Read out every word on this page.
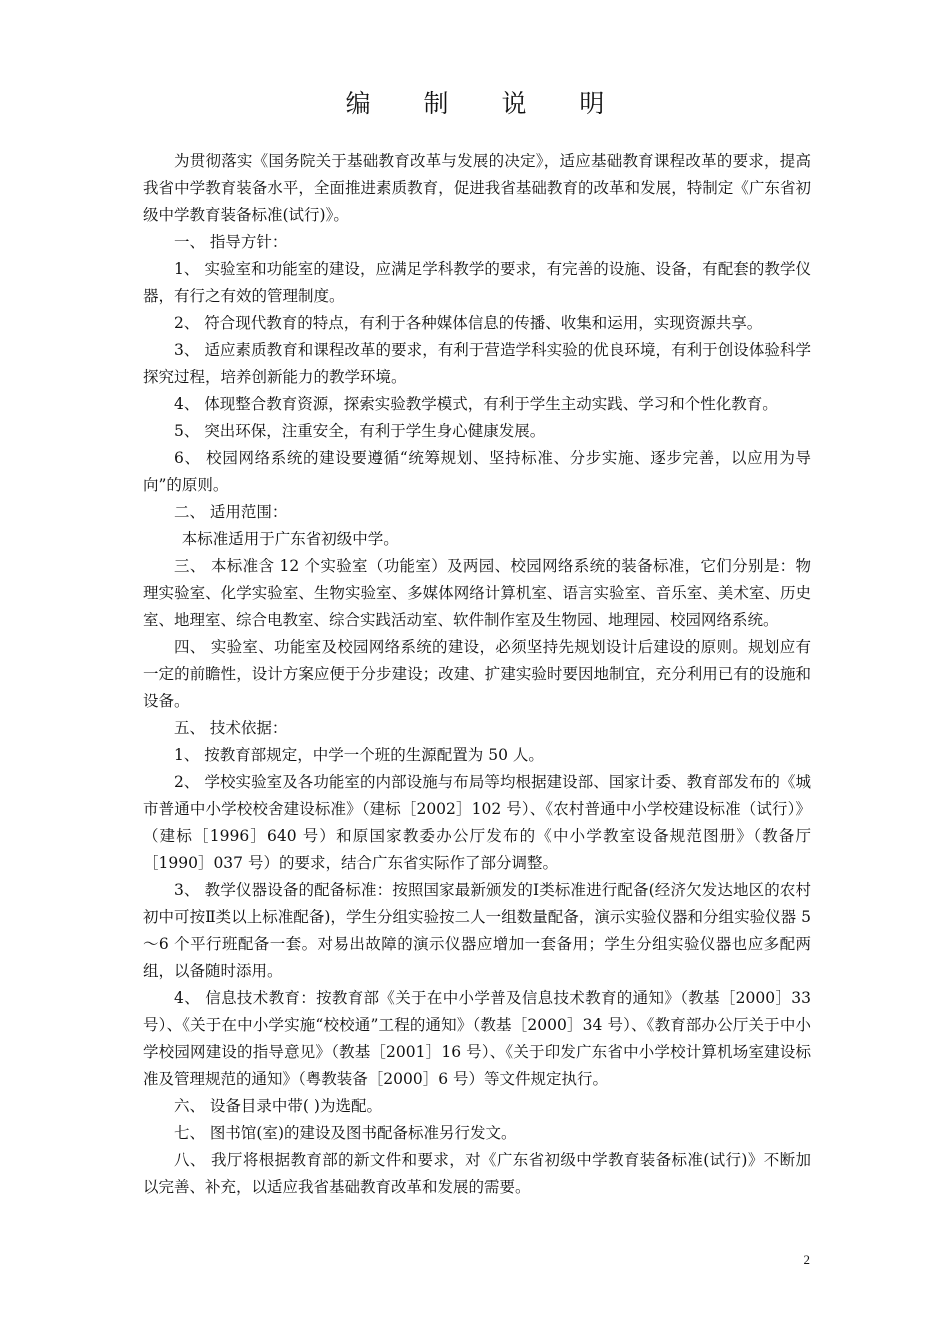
编 制 说 明

为贯彻落实《国务院关于基础教育改革与发展的决定》，适应基础教育课程改革的要求，提高我省中学教育装备水平，全面推进素质教育，促进我省基础教育的改革和发展，特制定《广东省初级中学教育装备标准(试行)》。

一、 指导方针：

1、 实验室和功能室的建设，应满足学科教学的要求，有完善的设施、设备，有配套的教学仪器，有行之有效的管理制度。

2、 符合现代教育的特点，有利于各种媒体信息的传播、收集和运用，实现资源共享。

3、 适应素质教育和课程改革的要求，有利于营造学科实验的优良环境，有利于创设体验科学探究过程，培养创新能力的教学环境。

4、 体现整合教育资源，探索实验教学模式，有利于学生主动实践、学习和个性化教育。

5、 突出环保，注重安全，有利于学生身心健康发展。

6、 校园网络系统的建设要遵循“统筹规划、坚持标准、分步实施、逐步完善，以应用为导向”的原则。

二、 适用范围：

本标准适用于广东省初级中学。

三、 本标准含 12 个实验室（功能室）及两园、校园网络系统的装备标准，它们分别是：物理实验室、化学实验室、生物实验室、多媒体网络计算机室、语言实验室、音乐室、美术室、历史室、地理室、综合电教室、综合实践活动室、软件制作室及生物园、地理园、校园网络系统。

四、 实验室、功能室及校园网络系统的建设，必须坚持先规划设计后建设的原则。规划应有一定的前瞻性，设计方案应便于分步建设；改建、扩建实验时要因地制宜，充分利用已有的设施和设备。

五、 技术依据：

1、 按教育部规定，中学一个班的生源配置为 50 人。

2、 学校实验室及各功能室的内部设施与布局等均根据建设部、国家计委、教育部发布的《城市普通中小学校校舍建设标准》（建标［2002］102 号）、《农村普通中小学校建设标准（试行）》（建标［1996］640 号）和原国家教委办公厅发布的《中小学教室设备规范图册》（教备厅［1990］037 号）的要求，结合广东省实际作了部分调整。

3、 教学仪器设备的配备标准：按照国家最新颁发的Ⅰ类标准进行配备(经济欠发达地区的农村初中可按Ⅱ类以上标准配备)，学生分组实验按二人一组数量配备，演示实验仪器和分组实验仪器 5～6 个平行班配备一套。对易出故障的演示仪器应增加一套备用；学生分组实验仪器也应多配两组，以备随时添用。

4、 信息技术教育：按教育部《关于在中小学普及信息技术教育的通知》（教基［2000］33 号）、《关于在中小学实施“校校通”工程的通知》（教基［2000］34 号）、《教育部办公厅关于中小学校园网建设的指导意见》（教基［2001］16 号）、《关于印发广东省中小学校计算机场室建设标准及管理规范的通知》（粤教装备［2000］6 号）等文件规定执行。

六、 设备目录中带( )为选配。

七、 图书馆(室)的建设及图书配备标准另行发文。

八、 我厅将根据教育部的新文件和要求，对《广东省初级中学教育装备标准(试行)》不断加以完善、补充，以适应我省基础教育改革和发展的需要。

2
